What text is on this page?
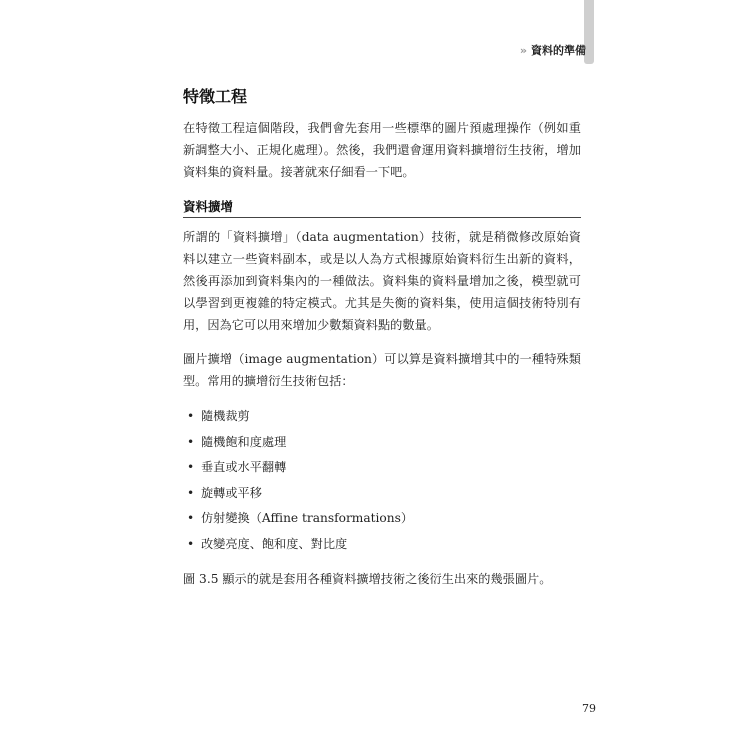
›› 資料的準備
特徵工程

在特徵工程這個階段，我們會先套用一些標準的圖片預處理操作（例如重新調整大小、正規化處理）。然後，我們還會運用資料擴增衍生技術，增加資料集的資料量。接著就來仔細看一下吧。

資料擴增

所謂的「資料擴增」（data augmentation）技術，就是稍微修改原始資料以建立一些資料副本，或是以人為方式根據原始資料衍生出新的資料，然後再添加到資料集內的一種做法。資料集的資料量增加之後，模型就可以學習到更複雜的特定模式。尤其是失衡的資料集，使用這個技術特別有用，因為它可以用來增加少數類資料點的數量。

圖片擴增（image augmentation）可以算是資料擴增其中的一種特殊類型。常用的擴增衍生技術包括：

• 隨機裁剪
• 隨機飽和度處理
• 垂直或水平翻轉
• 旋轉或平移
• 仿射變換（Affine transformations）
• 改變亮度、飽和度、對比度

圖 3.5 顯示的就是套用各種資料擴增技術之後衍生出來的幾張圖片。

79
